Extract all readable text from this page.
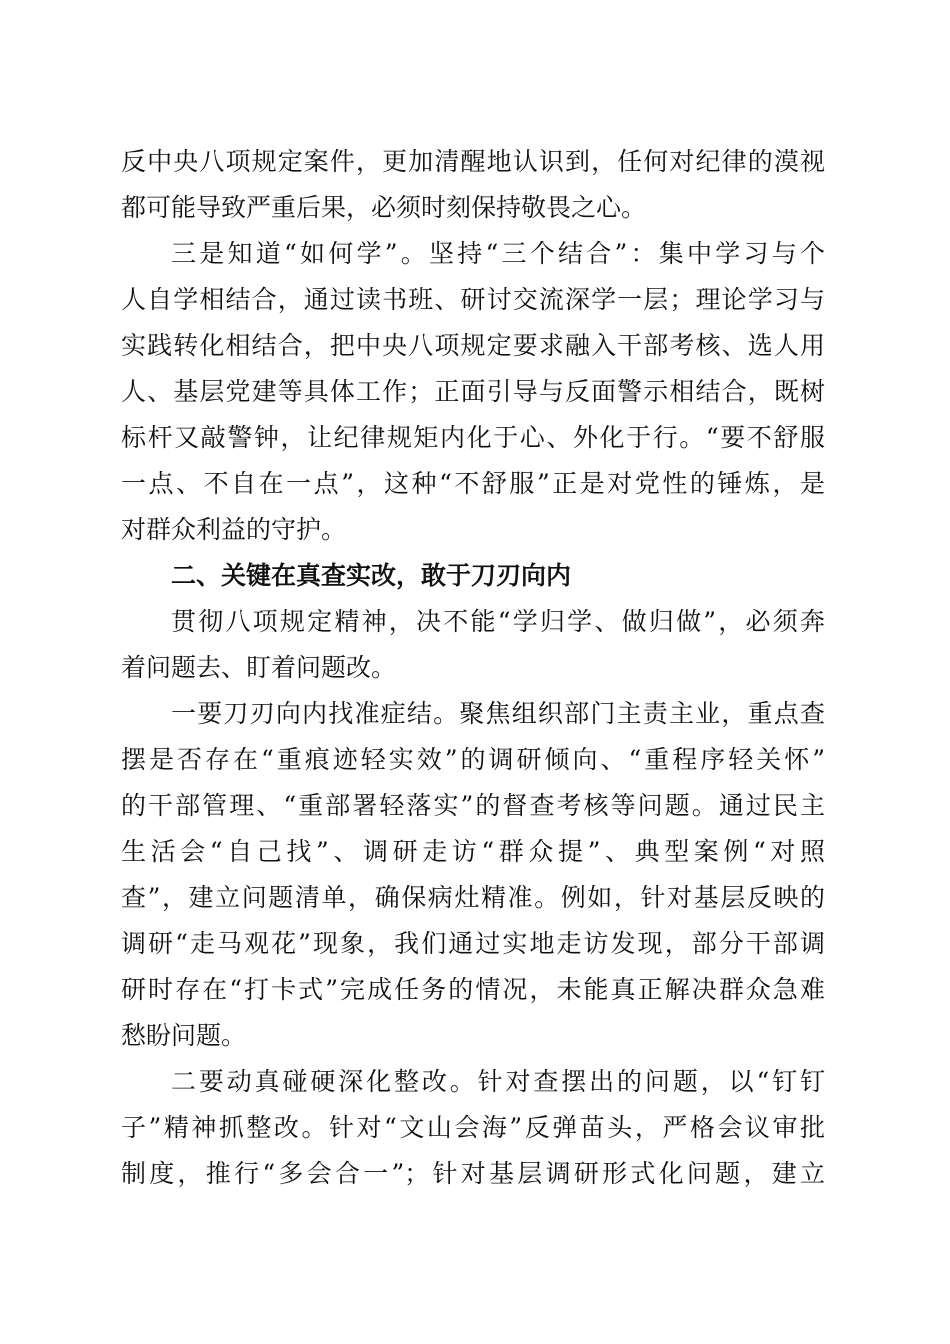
反中央八项规定案件，更加清醒地认识到，任何对纪律的漠视
都可能导致严重后果，必须时刻保持敬畏之心。
三是知道“如何学”。坚持“三个结合”：集中学习与个
人自学相结合，通过读书班、研讨交流深学一层；理论学习与
实践转化相结合，把中央八项规定要求融入干部考核、选人用
人、基层党建等具体工作；正面引导与反面警示相结合，既树
标杆又敲警钟，让纪律规矩内化于心、外化于行。“要不舒服
一点、不自在一点”，这种“不舒服”正是对党性的锤炼，是
对群众利益的守护。
二、关键在真查实改，敢于刀刃向内
贯彻八项规定精神，决不能“学归学、做归做”，必须奔
着问题去、盯着问题改。
一要刀刃向内找准症结。聚焦组织部门主责主业，重点查
摆是否存在“重痕迹轻实效”的调研倾向、“重程序轻关怀”
的干部管理、“重部署轻落实”的督查考核等问题。通过民主
生活会“自己找”、调研走访“群众提”、典型案例“对照
查”，建立问题清单，确保病灶精准。例如，针对基层反映的
调研“走马观花”现象，我们通过实地走访发现，部分干部调
研时存在“打卡式”完成任务的情况，未能真正解决群众急难
愁盼问题。
二要动真碰硬深化整改。针对查摆出的问题，以“钉钉
子”精神抓整改。针对“文山会海”反弹苗头，严格会议审批
制度，推行“多会合一”；针对基层调研形式化问题，建立
